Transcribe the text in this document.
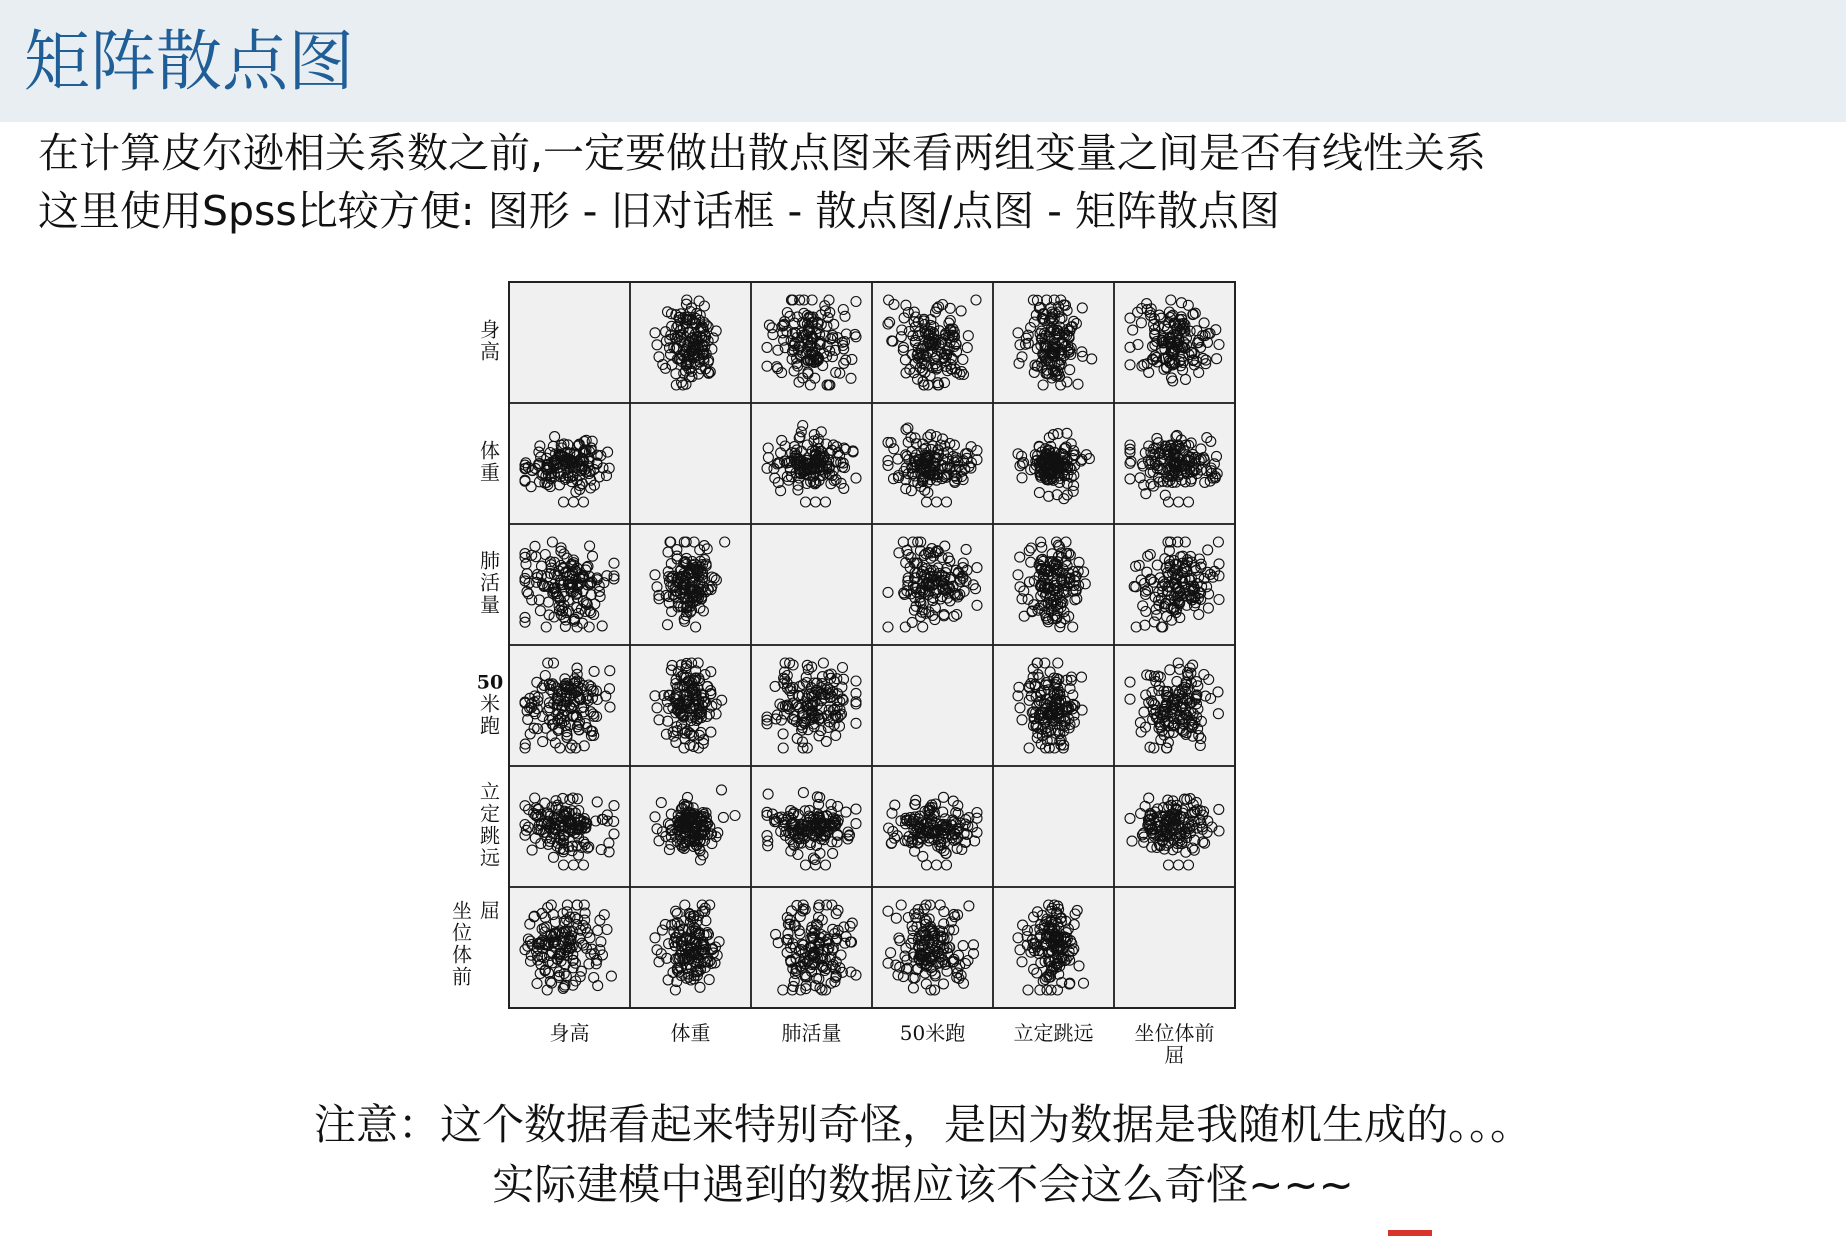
矩阵散点图
在计算皮尔逊相关系数之前,一定要做出散点图来看两组变量之间是否有线性关系
这里使用Spss比较方便: 图形 - 旧对话框 - 散点图/点图 - 矩阵散点图
身
高
体
重
肺
活
量
50
米
跑
立
定
跳
远
坐
位
体
前
屈
身高	体重	肺活量	50米跑 立定跳远 坐位体前
屈
注意：这个数据看起来特别奇怪，是因为数据是我随机生成的。。。
实际建模中遇到的数据应该不会这么奇怪~~~
